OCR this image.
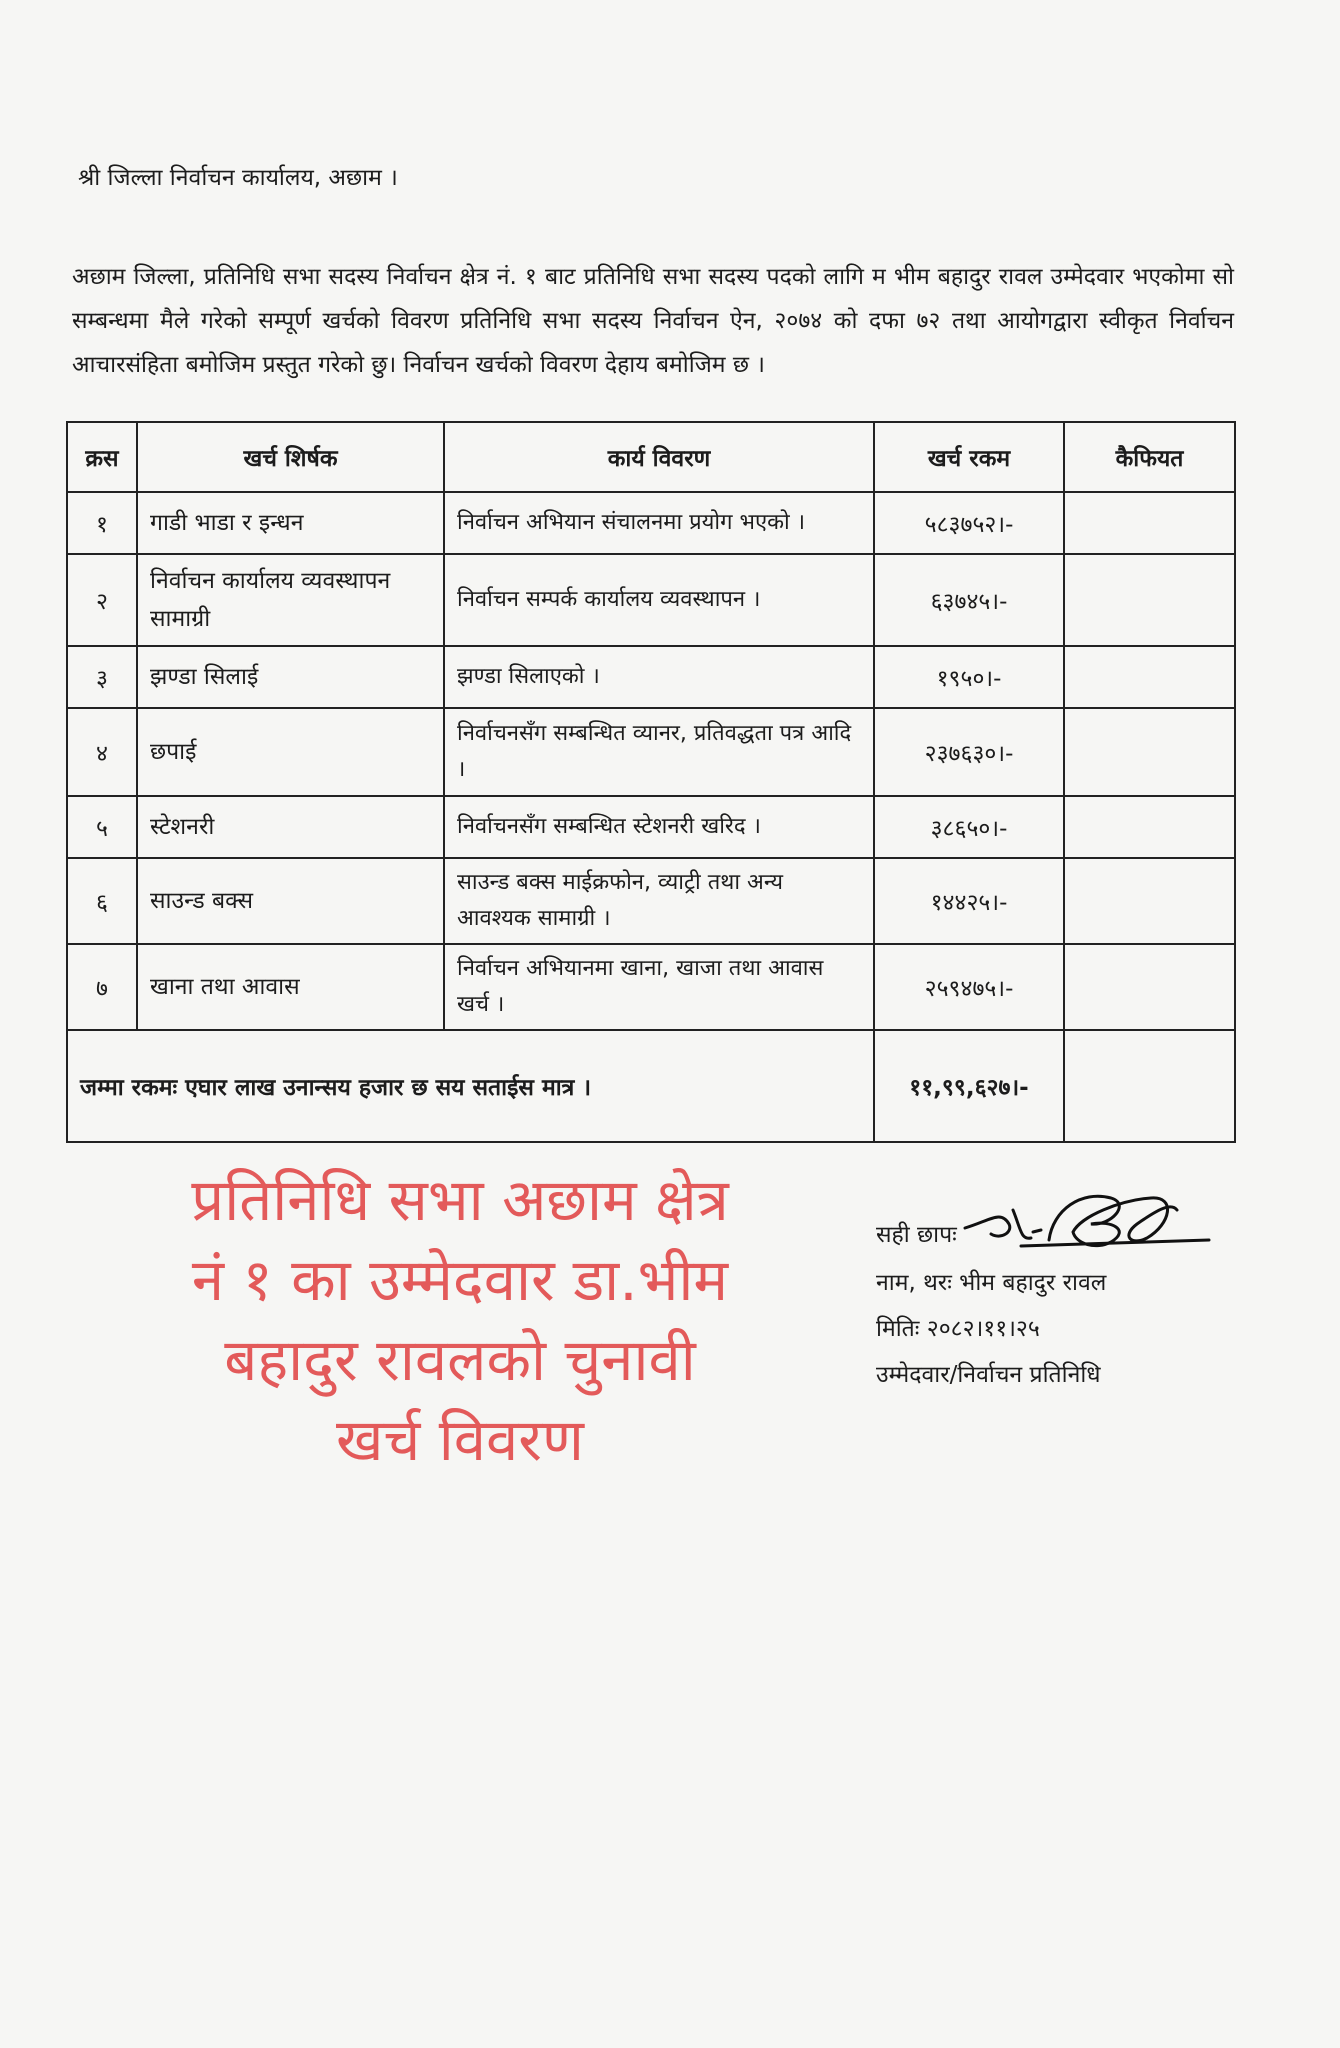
श्री जिल्ला निर्वाचन कार्यालय, अछाम ।

अछाम जिल्ला, प्रतिनिधि सभा सदस्य निर्वाचन क्षेत्र नं. १ बाट प्रतिनिधि सभा सदस्य पदको लागि म भीम बहादुर रावल उम्मेदवार भएकोमा सो सम्बन्धमा मैले गरेको सम्पूर्ण खर्चको विवरण प्रतिनिधि सभा सदस्य निर्वाचन ऐन, २०७४ को दफा ७२ तथा आयोगद्वारा स्वीकृत निर्वाचन आचारसंहिता बमोजिम प्रस्तुत गरेको छु। निर्वाचन खर्चको विवरण देहाय बमोजिम छ ।

क्रस	खर्च शिर्षक	कार्य विवरण	खर्च रकम	कैफियत
१	गाडी भाडा र इन्धन	निर्वाचन अभियान संचालनमा प्रयोग भएको ।	५८३७५२।-	
२	निर्वाचन कार्यालय व्यवस्थापन सामाग्री	निर्वाचन सम्पर्क कार्यालय व्यवस्थापन ।	६३७४५।-	
३	झण्डा सिलाई	झण्डा सिलाएको ।	१९५०।-	
४	छपाई	निर्वाचनसँग सम्बन्धित व्यानर, प्रतिवद्धता पत्र आदि ।	२३७६३०।-	
५	स्टेशनरी	निर्वाचनसँग सम्बन्धित स्टेशनरी खरिद ।	३८६५०।-	
६	साउन्ड बक्स	साउन्ड बक्स माईक्रफोन, व्याट्री तथा अन्य आवश्यक सामाग्री ।	१४४२५।-	
७	खाना तथा आवास	निर्वाचन अभियानमा खाना, खाजा तथा आवास खर्च ।	२५९४७५।-	
जम्मा रकमः एघार लाख उनान्सय हजार छ सय सताईस मात्र ।			११,९९,६२७।-	
प्रतिनिधि सभा अछाम क्षेत्र
नं १ का उम्मेदवार डा.भीम
बहादुर रावलको चुनावी
खर्च विवरण
सही छापः
नाम, थरः भीम बहादुर रावल
मितिः २०८२।११।२५
उम्मेदवार/निर्वाचन प्रतिनिधि
